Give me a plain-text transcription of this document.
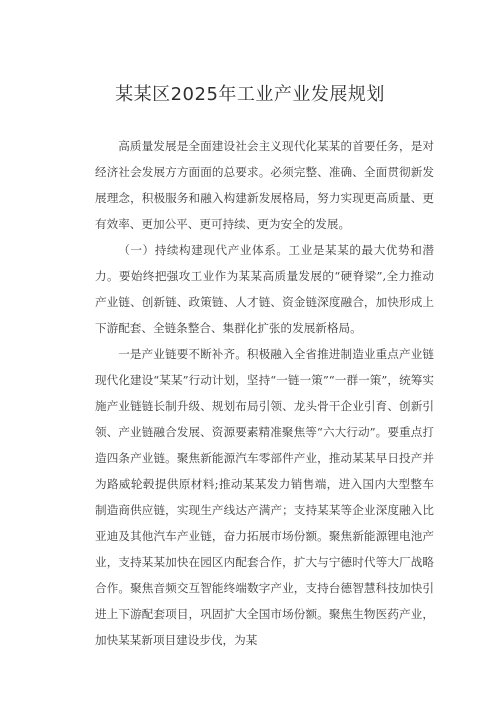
某某区2025年工业产业发展规划

高质量发展是全面建设社会主义现代化某某的首要任务，是对经济社会发展方方面面的总要求。必须完整、准确、全面贯彻新发展理念，积极服务和融入构建新发展格局，努力实现更高质量、更有效率、更加公平、更可持续、更为安全的发展。

（一）持续构建现代产业体系。工业是某某的最大优势和潜力。要始终把强攻工业作为某某高质量发展的“硬脊梁”,全力推动产业链、创新链、政策链、人才链、资金链深度融合，加快形成上下游配套、全链条整合、集群化扩张的发展新格局。

一是产业链要不断补齐。积极融入全省推进制造业重点产业链现代化建设“某某”行动计划，坚持“一链一策”“一群一策”，统筹实施产业链链长制升级、规划布局引领、龙头骨干企业引育、创新引领、产业链融合发展、资源要素精准聚焦等“六大行动”。要重点打造四条产业链。聚焦新能源汽车零部件产业，推动某某早日投产并为路威轮毂提供原材料;推动某某发力销售端，进入国内大型整车制造商供应链，实现生产线达产满产；支持某某等企业深度融入比亚迪及其他汽车产业链，奋力拓展市场份额。聚焦新能源锂电池产业，支持某某加快在园区内配套合作，扩大与宁德时代等大厂战略合作。聚焦音频交互智能终端数字产业，支持台德智慧科技加快引进上下游配套项目，巩固扩大全国市场份额。聚焦生物医药产业，加快某某新项目建设步伐，为某
